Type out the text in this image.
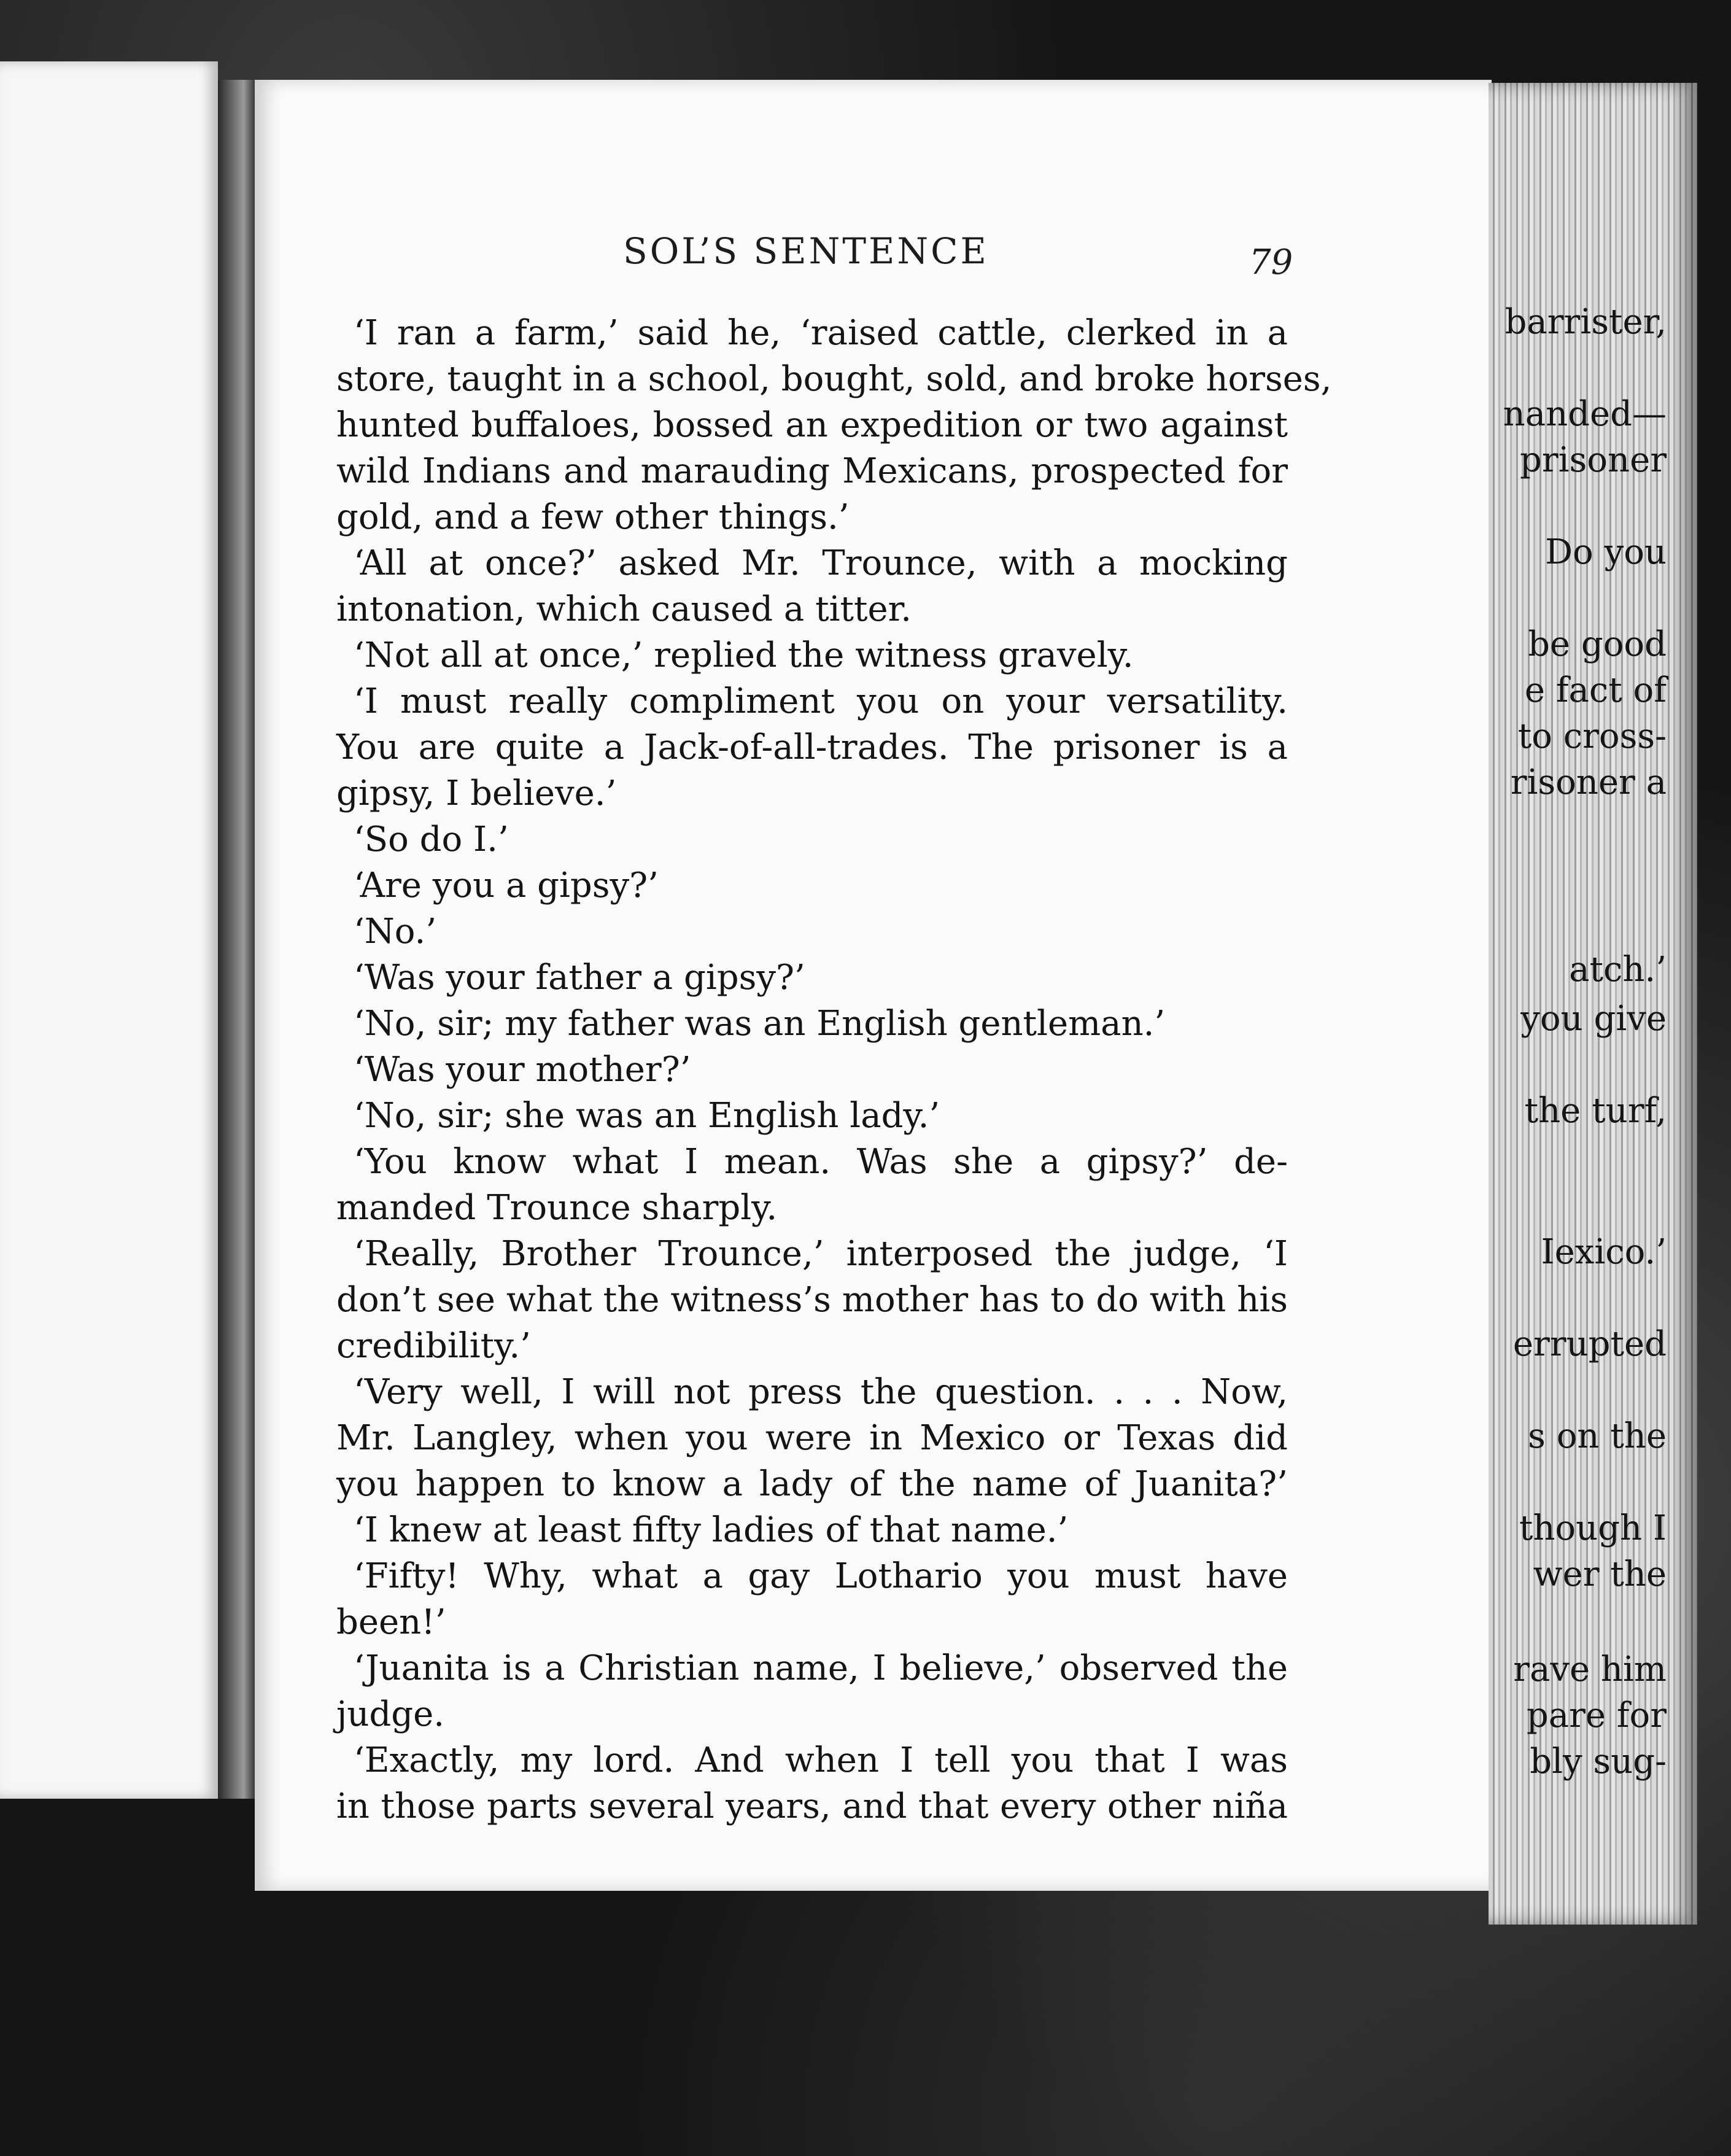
barrister,
nanded—
prisoner
Do you
be good
e fact of
to cross-
risoner a
atch.’
you give
the turf,
Iexico.’
errupted
s on the
though I
wer the
rave him
pare for
bly sug-
SOL’S SENTENCE	79
‘I ran a farm,’ said he, ‘raised cattle, clerked in a
store, taught in a school, bought, sold, and broke horses,
hunted buffaloes, bossed an expedition or two against
wild Indians and marauding Mexicans, prospected for
gold, and a few other things.’
‘All at once?’ asked Mr. Trounce, with a mocking
intonation, which caused a titter.
‘Not all at once,’ replied the witness gravely.
‘I must really compliment you on your versatility.
You are quite a Jack-of-all-trades. The prisoner is a
gipsy, I believe.’
‘So do I.’
‘Are you a gipsy?’
‘No.’
‘Was your father a gipsy?’
‘No, sir; my father was an English gentleman.’
‘Was your mother?’
‘No, sir; she was an English lady.’
‘You know what I mean. Was she a gipsy?’ de-
manded Trounce sharply.
‘Really, Brother Trounce,’ interposed the judge, ‘I
don’t see what the witness’s mother has to do with his
credibility.’
‘Very well, I will not press the question. . . . Now,
Mr. Langley, when you were in Mexico or Texas did
you happen to know a lady of the name of Juanita?’
‘I knew at least fifty ladies of that name.’
‘Fifty! Why, what a gay Lothario you must have
been!’
‘Juanita is a Christian name, I believe,’ observed the
judge.
‘Exactly, my lord. And when I tell you that I was
in those parts several years, and that every other niña
